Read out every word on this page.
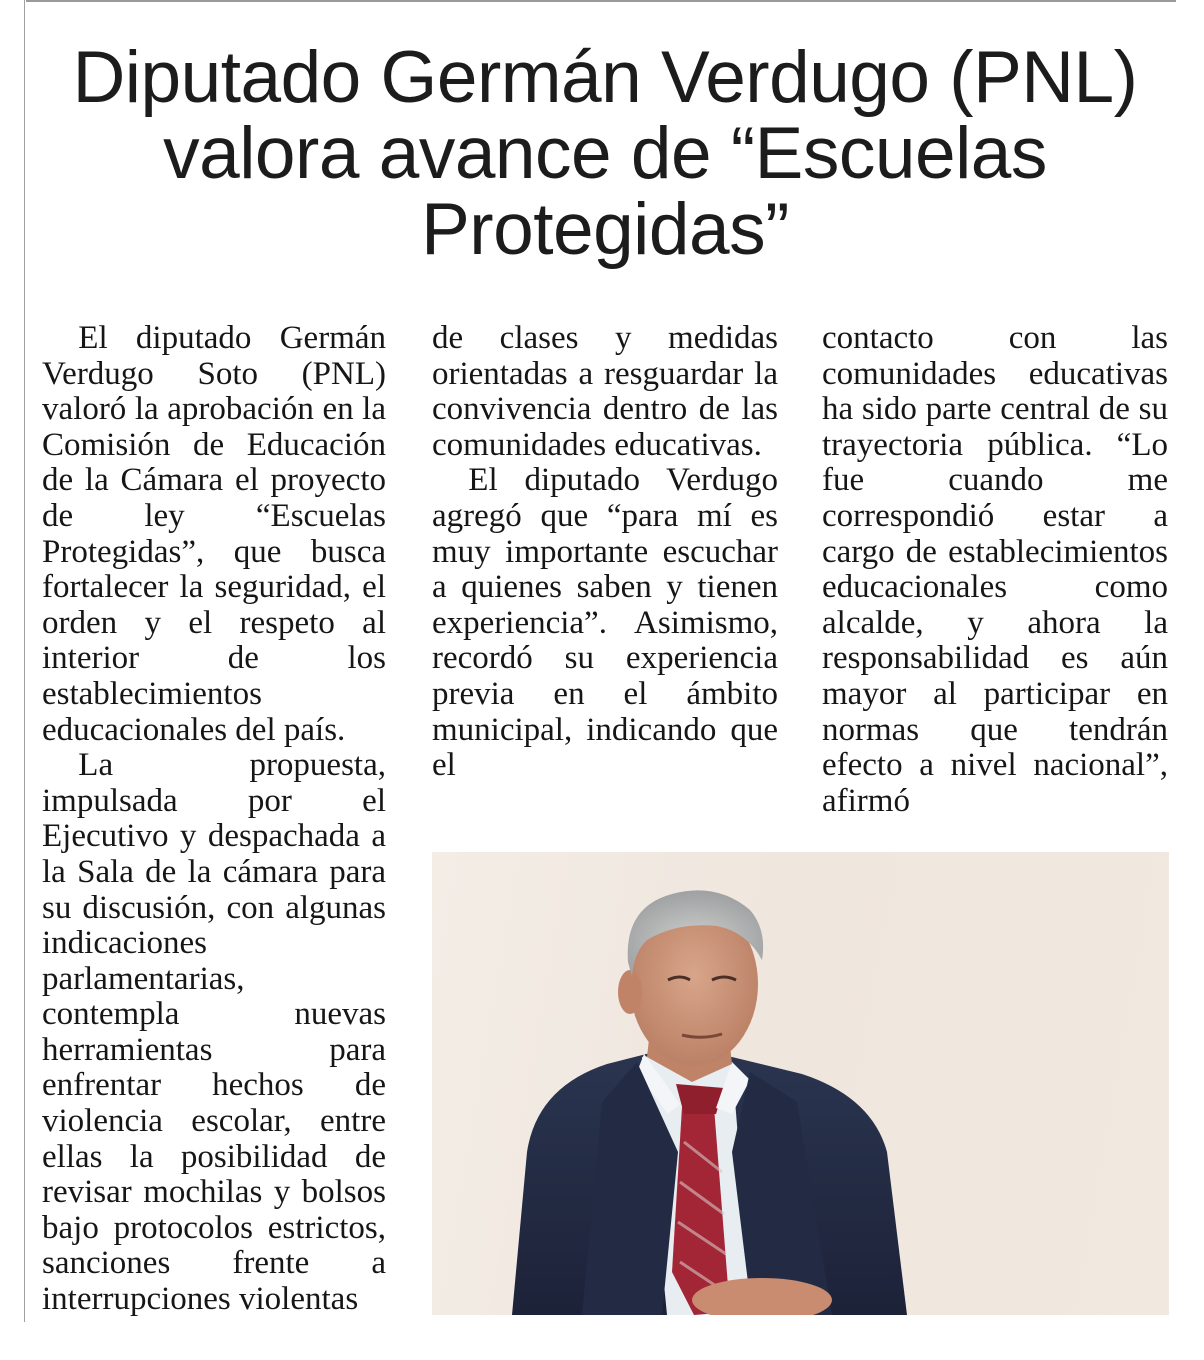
Diputado Germán Verdugo (PNL) valora avance de “Escuelas Protegidas”

El diputado Germán Verdugo Soto (PNL) valoró la aprobación en la Comisión de Educación de la Cámara el proyecto de ley “Escuelas Protegidas”, que busca fortalecer la seguridad, el orden y el respeto al interior de los establecimientos educacionales del país.

La propuesta, impulsada por el Ejecutivo y despachada a la Sala de la cámara para su discusión, con algunas indicaciones parlamentarias, contempla nuevas herramientas para enfrentar hechos de violencia escolar, entre ellas la posibilidad de revisar mochilas y bolsos bajo protocolos estrictos, sanciones frente a interrupciones violentas

de clases y medidas orientadas a resguardar la convivencia dentro de las comunidades educativas.

El diputado Verdugo agregó que “para mí es muy importante escuchar a quienes saben y tienen experiencia”. Asimismo, recordó su experiencia previa en el ámbito municipal, indicando que el

contacto con las comunidades educativas ha sido parte central de su trayectoria pública. “Lo fue cuando me correspondió estar a cargo de establecimientos educacionales como alcalde, y ahora la responsabilidad es aún mayor al participar en normas que tendrán efecto a nivel nacional”, afirmó
